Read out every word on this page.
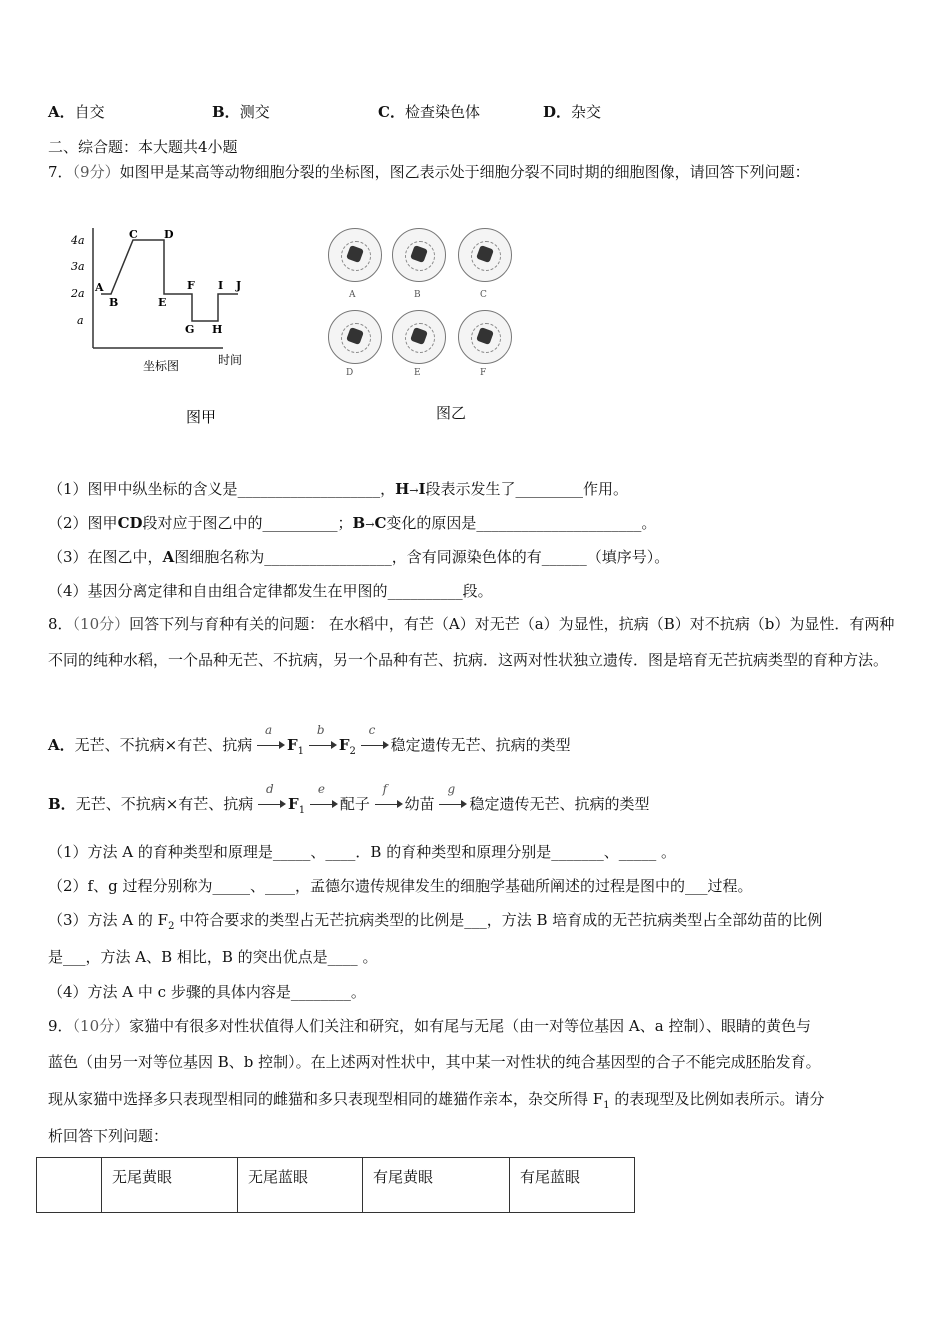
A．自交	B．测交	C．检查染色体	D．杂交
二、综合题：本大题共4小题
7．（9分）如图甲是某高等动物细胞分裂的坐标图，图乙表示处于细胞分裂不同时期的细胞图像，请回答下列问题：
4a
3a
2a
a
A
B
C D
E
F
G H
I J
坐标图	时间
图甲
A	B	C
D	E	F
图乙
（1）图甲中纵坐标的含义是___________________，H→I段表示发生了_________作用。
（2）图甲CD段对应于图乙中的__________；B→C变化的原因是______________________。
（3）在图乙中，A图细胞名称为_________________，含有同源染色体的有______（填序号）。
（4）基因分离定律和自由组合定律都发生在甲图的__________段。
8．（10分）回答下列与育种有关的问题： 在水稻中，有芒（A）对无芒（a）为显性，抗病（B）对不抗病（b）为显性．有两种不同的纯种水稻，一个品种无芒、不抗病，另一个品种有芒、抗病．这两对性状独立遗传．图是培育无芒抗病类型的育种方法。
A．无芒、不抗病×有芒、抗病
a
$F_1$
b
$F_2$
c
稳定遗传无芒、抗病的类型
B．无芒、不抗病×有芒、抗病
d
$F_1$
e
配子
f
幼苗
g
稳定遗传无芒、抗病的类型
（1）方法 A 的育种类型和原理是_____、____．B 的育种类型和原理分别是_______、_____ 。
（2）f、g 过程分别称为_____、____，孟德尔遗传规律发生的细胞学基础所阐述的过程是图中的___过程。
（3）方法 A 的 $F_2$ 中符合要求的类型占无芒抗病类型的比例是___，方法 B 培育成的无芒抗病类型占全部幼苗的比例
是___，方法 A、B 相比，B 的突出优点是____ 。
（4）方法 A 中 c 步骤的具体内容是________。
9．（10分）家猫中有很多对性状值得人们关注和研究，如有尾与无尾（由一对等位基因 A、a 控制）、眼睛的黄色与
蓝色（由另一对等位基因 B、b 控制）。在上述两对性状中，其中某一对性状的纯合基因型的合子不能完成胚胎发育。
现从家猫中选择多只表现型相同的雌猫和多只表现型相同的雄猫作亲本，杂交所得 $F_1$ 的表现型及比例如表所示。请分
析回答下列问题：
	无尾黄眼	无尾蓝眼	有尾黄眼	有尾蓝眼
